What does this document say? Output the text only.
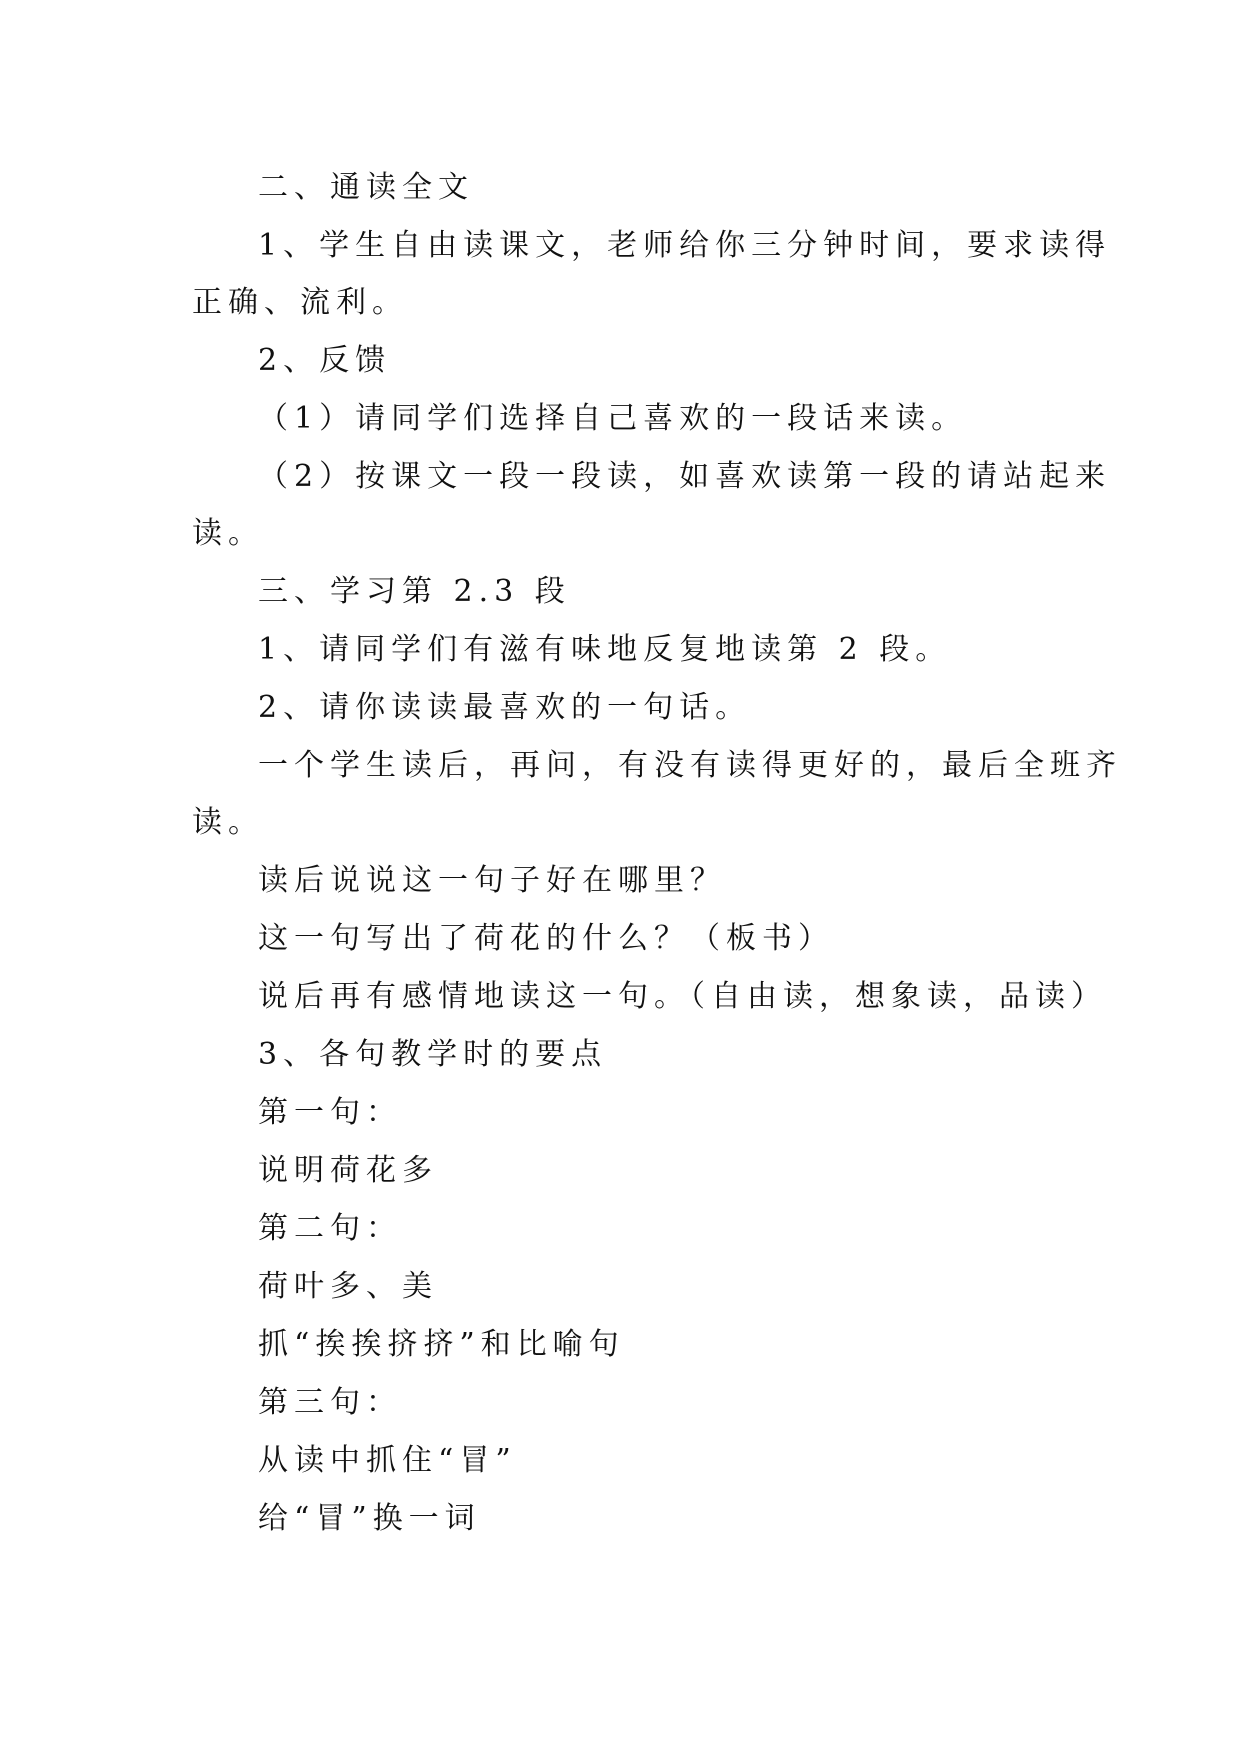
二、通读全文
1、学生自由读课文，老师给你三分钟时间，要求读得
正确、流利。
2、反馈
（1）请同学们选择自己喜欢的一段话来读。
（2）按课文一段一段读，如喜欢读第一段的请站起来
读。
三、学习第 2.3 段
1、请同学们有滋有味地反复地读第 2 段。
2、请你读读最喜欢的一句话。
一个学生读后，再问，有没有读得更好的，最后全班齐
读。
读后说说这一句子好在哪里？
这一句写出了荷花的什么？（板书）
说后再有感情地读这一句。（自由读，想象读，品读）
3、各句教学时的要点
第一句：
说明荷花多
第二句：
荷叶多、美
抓“挨挨挤挤”和比喻句
第三句：
从读中抓住“冒”
给“冒”换一词
